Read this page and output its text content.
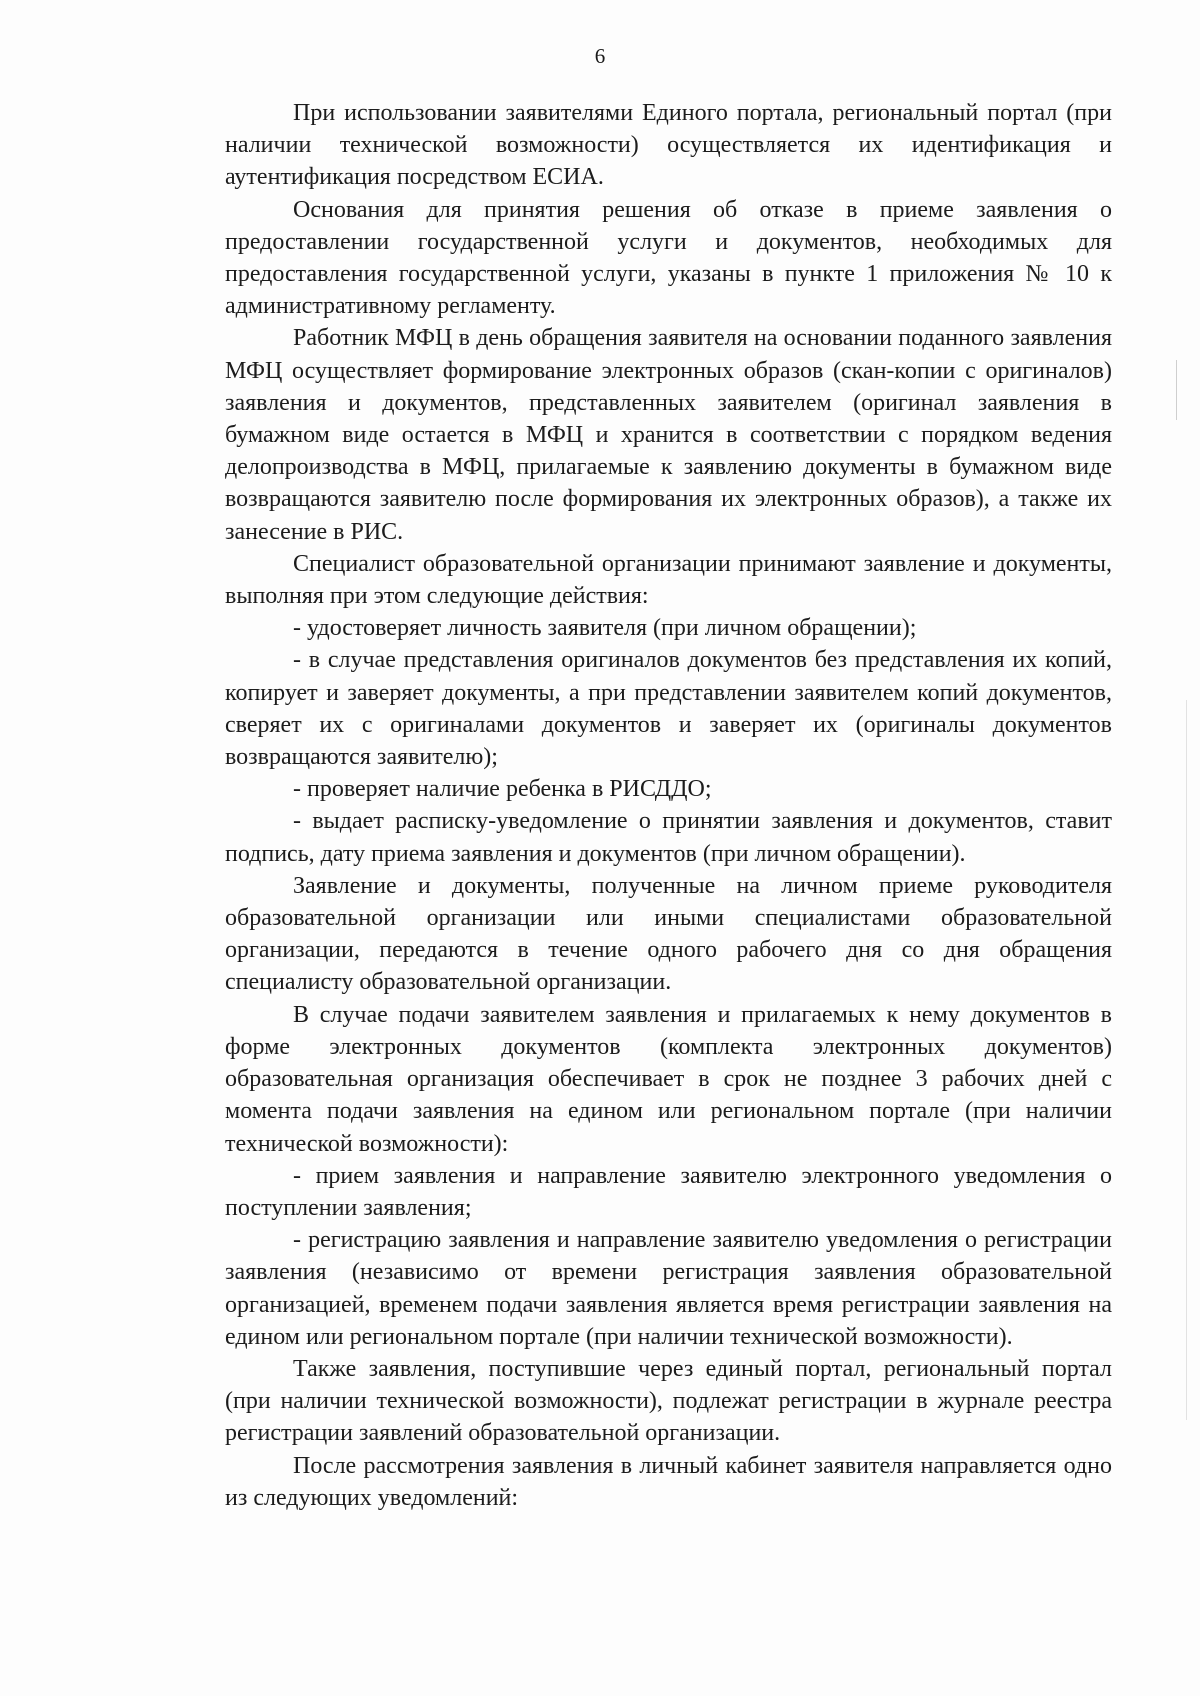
6

При использовании заявителями Единого портала, региональный портал (при наличии технической возможности) осуществляется их идентификация и аутентификация посредством ЕСИА.

Основания для принятия решения об отказе в приеме заявления о предоставлении государственной услуги и документов, необходимых для предоставления государственной услуги, указаны в пункте 1 приложения № 10 к административному регламенту.

Работник МФЦ в день обращения заявителя на основании поданного заявления МФЦ осуществляет формирование электронных образов (скан-копии с оригиналов) заявления и документов, представленных заявителем (оригинал заявления в бумажном виде остается в МФЦ и хранится в соответствии с порядком ведения делопроизводства в МФЦ, прилагаемые к заявлению документы в бумажном виде возвращаются заявителю после формирования их электронных образов), а также их занесение в РИС.

Специалист образовательной организации принимают заявление и документы, выполняя при этом следующие действия:

- удостоверяет личность заявителя (при личном обращении);

- в случае представления оригиналов документов без представления их копий, копирует и заверяет документы, а при представлении заявителем копий документов, сверяет их с оригиналами документов и заверяет их (оригиналы документов возвращаются заявителю);

- проверяет наличие ребенка в РИСДДО;

- выдает расписку-уведомление о принятии заявления и документов, ставит подпись, дату приема заявления и документов (при личном обращении).

Заявление и документы, полученные на личном приеме руководителя образовательной организации или иными специалистами образовательной организации, передаются в течение одного рабочего дня со дня обращения специалисту образовательной организации.

В случае подачи заявителем заявления и прилагаемых к нему документов в форме электронных документов (комплекта электронных документов) образовательная организация обеспечивает в срок не позднее 3 рабочих дней с момента подачи заявления на едином или региональном портале (при наличии технической возможности):

- прием заявления и направление заявителю электронного уведомления о поступлении заявления;

- регистрацию заявления и направление заявителю уведомления о регистрации заявления (независимо от времени регистрация заявления образовательной организацией, временем подачи заявления является время регистрации заявления на едином или региональном портале (при наличии технической возможности).

Также заявления, поступившие через единый портал, региональный портал (при наличии технической возможности), подлежат регистрации в журнале реестра регистрации заявлений образовательной организации.

После рассмотрения заявления в личный кабинет заявителя направляется одно из следующих уведомлений:
